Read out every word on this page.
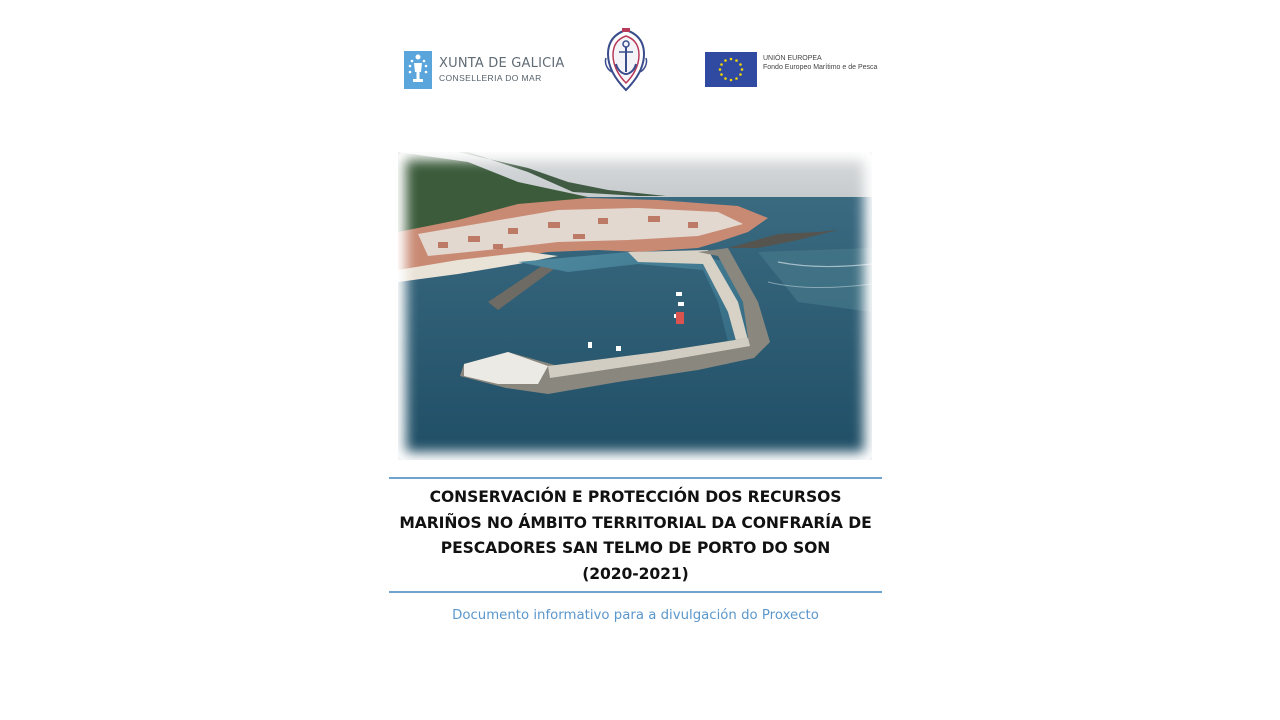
XUNTA DE GALICIA
CONSELLERIA DO MAR
UNIÓN EUROPEA
Fondo Europeo Marítimo e de Pesca
CONSERVACIÓN E PROTECCIÓN DOS RECURSOS
MARIÑOS NO ÁMBITO TERRITORIAL DA CONFRARÍA DE
PESCADORES SAN TELMO DE PORTO DO SON
(2020-2021)
Documento informativo para a divulgación do Proxecto
